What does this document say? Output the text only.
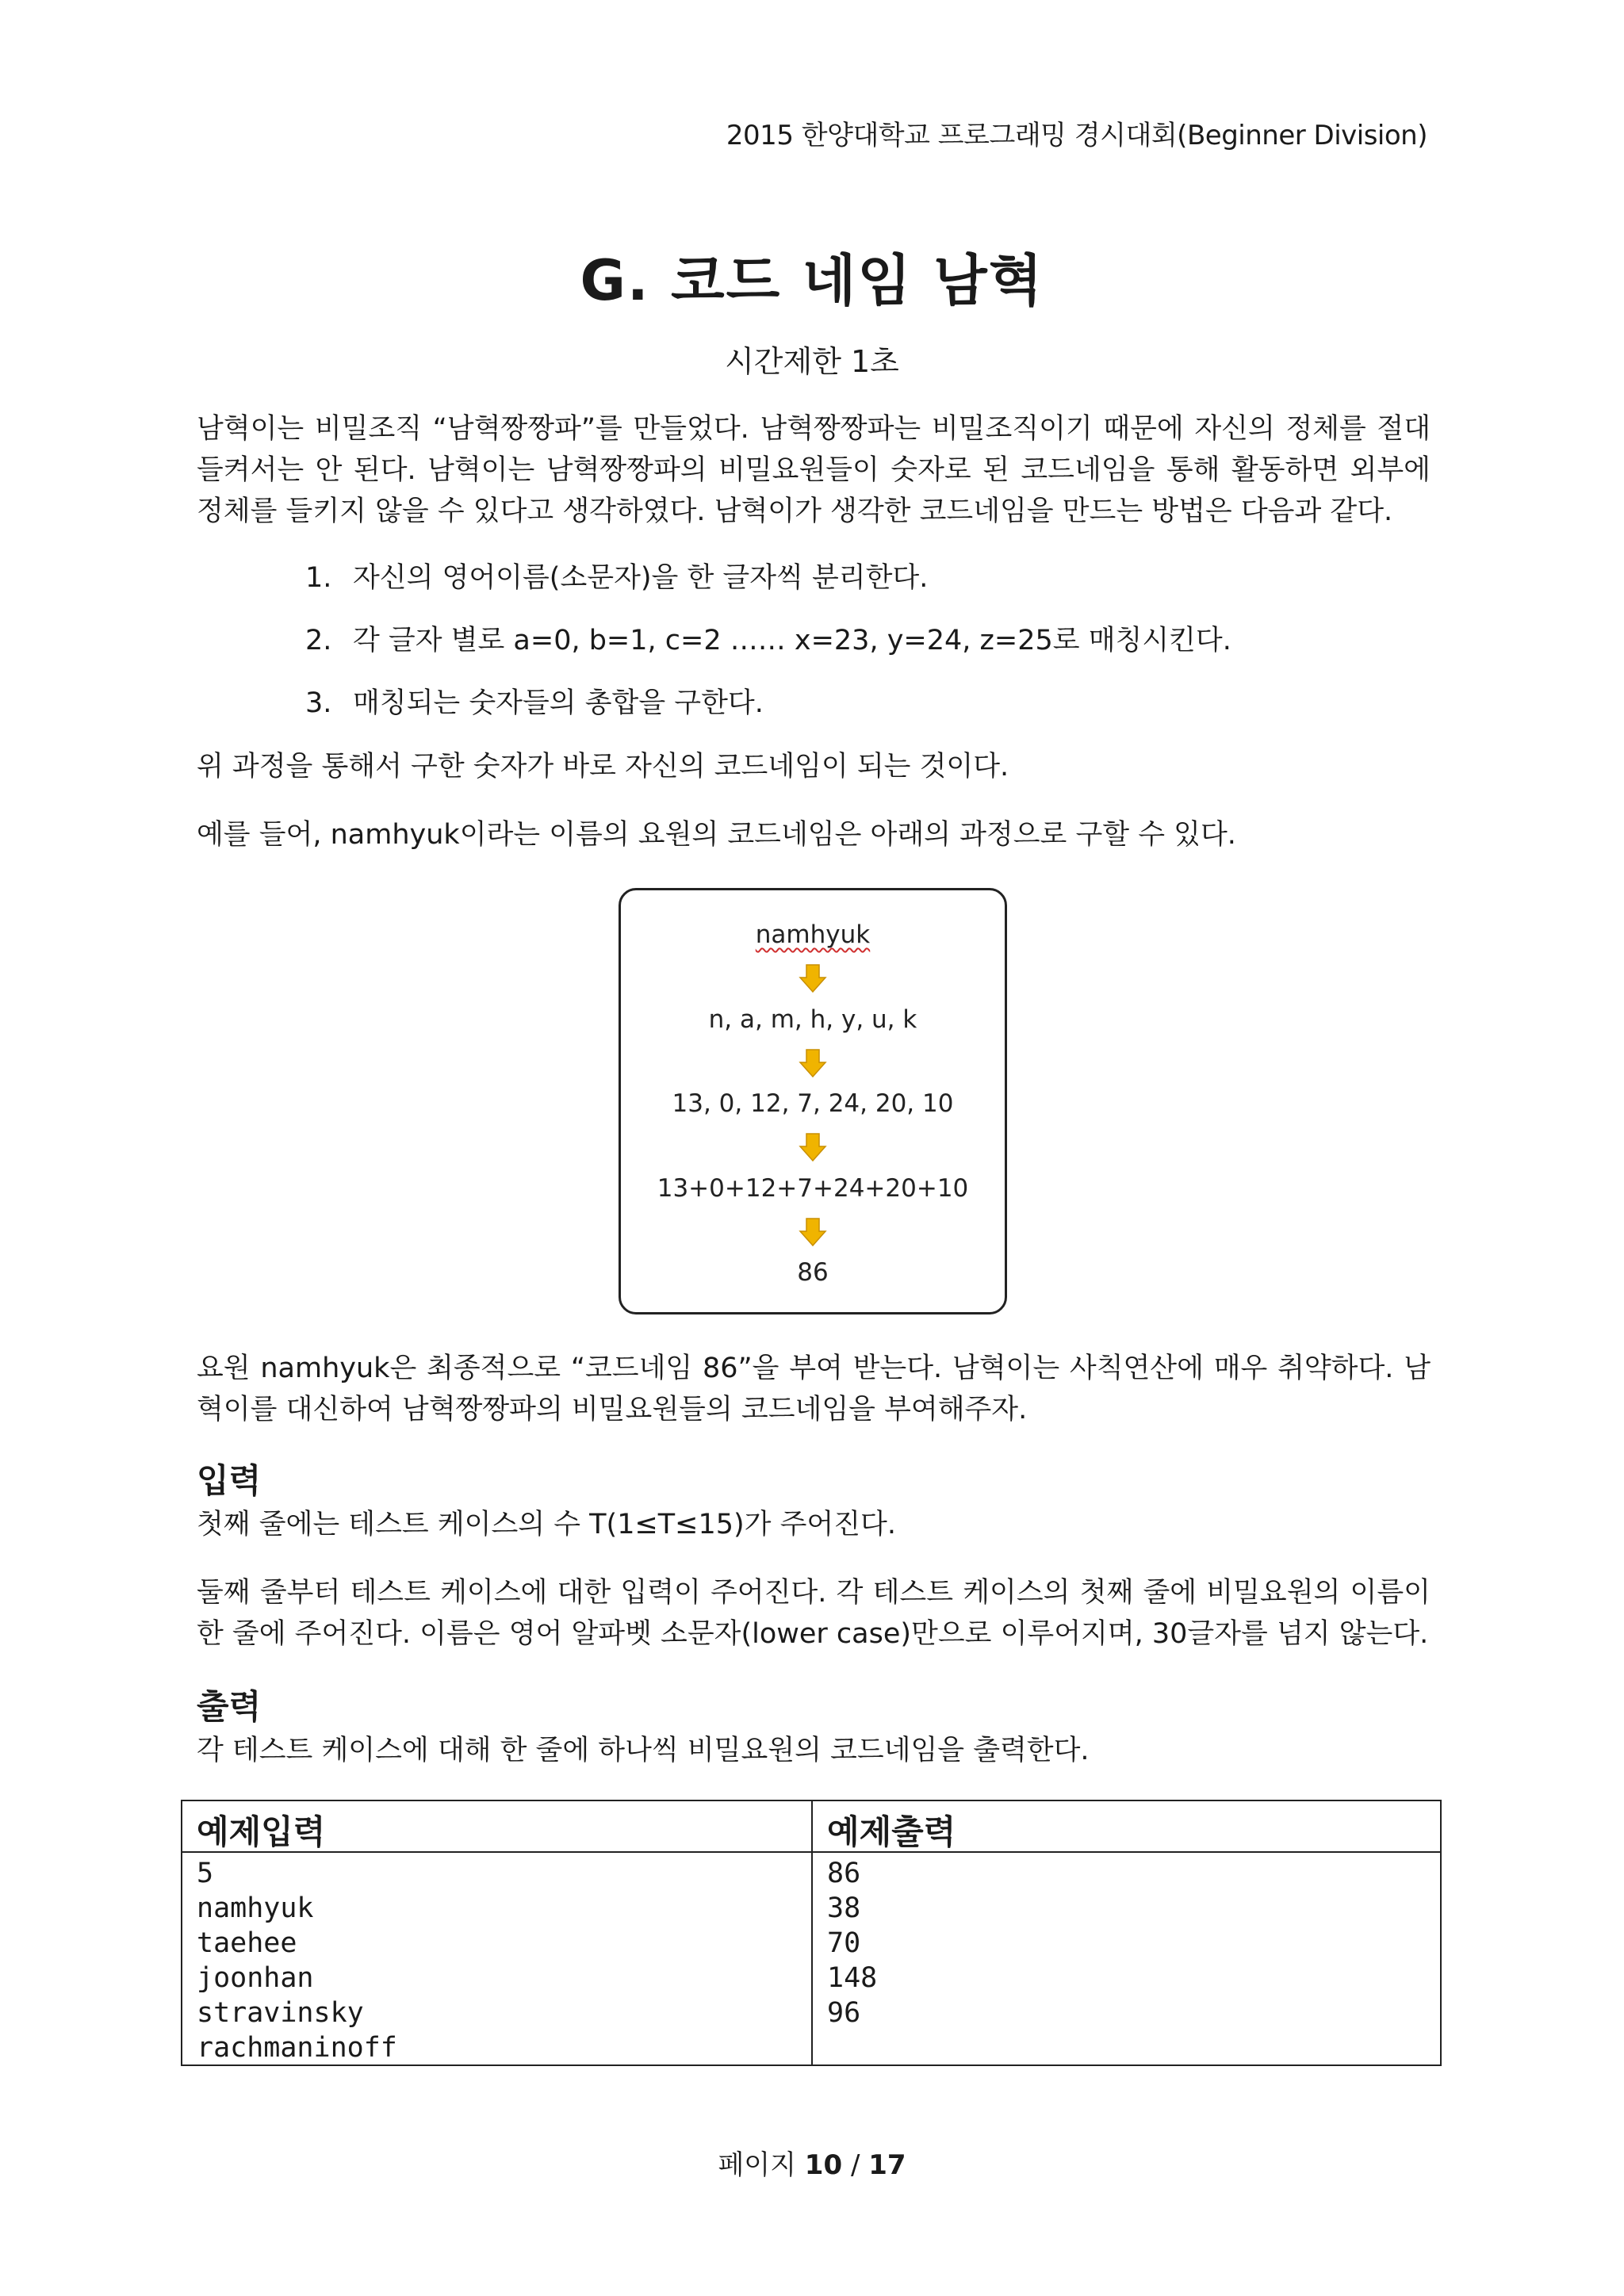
2015 한양대학교 프로그래밍 경시대회(Beginner Division)
G. 코드 네임 남혁
시간제한 1초
남혁이는 비밀조직 “남혁짱짱파”를 만들었다. 남혁짱짱파는 비밀조직이기 때문에 자신의 정체를 절대 들켜서는 안 된다. 남혁이는 남혁짱짱파의 비밀요원들이 숫자로 된 코드네임을 통해 활동하면 외부에 정체를 들키지 않을 수 있다고 생각하였다. 남혁이가 생각한 코드네임을 만드는 방법은 다음과 같다.
1. 자신의 영어이름(소문자)을 한 글자씩 분리한다.
2. 각 글자 별로 a=0, b=1, c=2 …… x=23, y=24, z=25로 매칭시킨다.
3. 매칭되는 숫자들의 총합을 구한다.
위 과정을 통해서 구한 숫자가 바로 자신의 코드네임이 되는 것이다.
예를 들어, namhyuk이라는 이름의 요원의 코드네임은 아래의 과정으로 구할 수 있다.
namhyuk
n, a, m, h, y, u, k
13, 0, 12, 7, 24, 20, 10
13+0+12+7+24+20+10
86
요원 namhyuk은 최종적으로 “코드네임 86”을 부여 받는다. 남혁이는 사칙연산에 매우 취약하다. 남혁이를 대신하여 남혁짱짱파의 비밀요원들의 코드네임을 부여해주자.
입력
첫째 줄에는 테스트 케이스의 수 T(1≤T≤15)가 주어진다.
둘째 줄부터 테스트 케이스에 대한 입력이 주어진다. 각 테스트 케이스의 첫째 줄에 비밀요원의 이름이 한 줄에 주어진다. 이름은 영어 알파벳 소문자(lower case)만으로 이루어지며, 30글자를 넘지 않는다.
출력
각 테스트 케이스에 대해 한 줄에 하나씩 비밀요원의 코드네임을 출력한다.
예제입력	예제출력
5
namhyuk
taehee
joonhan
stravinsky
rachmaninoff
86
38
70
148
96
페이지 10 / 17
